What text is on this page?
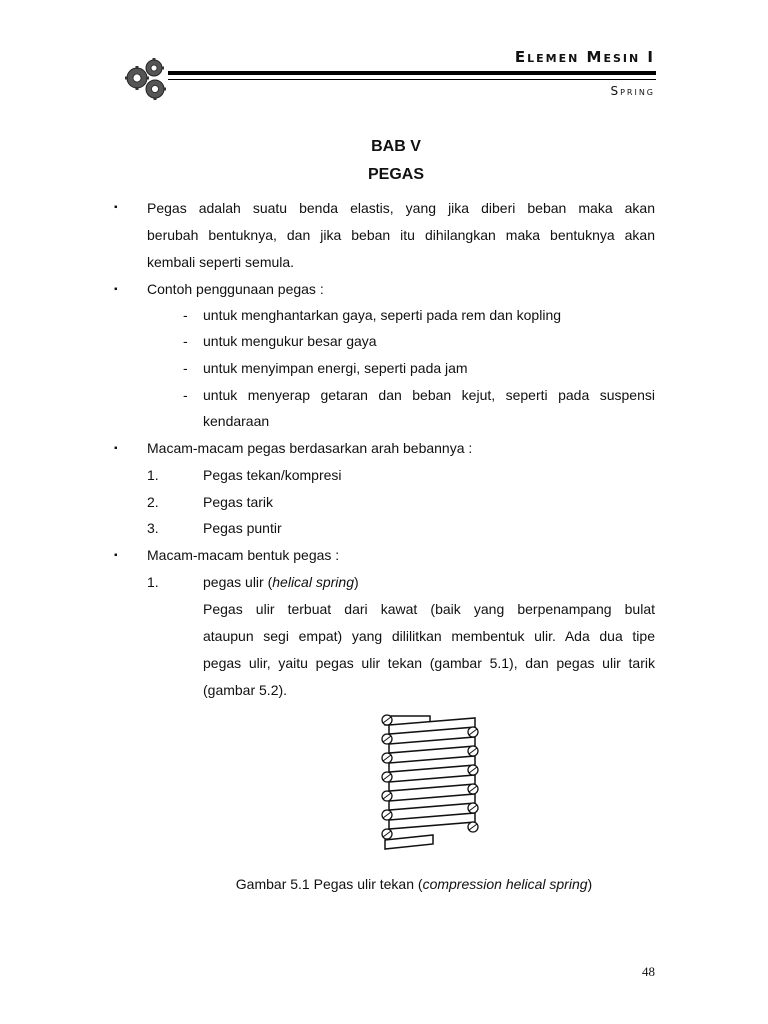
Elemen Mesin I
Spring
BAB V
PEGAS
▪ Pegas adalah suatu benda elastis, yang jika diberi beban maka akan
berubah bentuknya, dan jika beban itu dihilangkan maka bentuknya akan
kembali seperti semula.
▪ Contoh penggunaan pegas :
- untuk menghantarkan gaya, seperti pada rem dan kopling
- untuk mengukur besar gaya
- untuk menyimpan energi, seperti pada jam
- untuk menyerap getaran dan beban kejut, seperti pada suspensi
kendaraan
▪ Macam-macam pegas berdasarkan arah bebannya :
1.	Pegas tekan/kompresi
2.	Pegas tarik
3.	Pegas puntir
▪ Macam-macam bentuk pegas :
1.	pegas ulir (helical spring)
Pegas ulir terbuat dari kawat (baik yang berpenampang bulat
ataupun segi empat) yang dililitkan membentuk ulir. Ada dua tipe
pegas ulir, yaitu pegas ulir tekan (gambar 5.1), dan pegas ulir tarik
(gambar 5.2).
Gambar 5.1 Pegas ulir tekan (compression helical spring)
48
